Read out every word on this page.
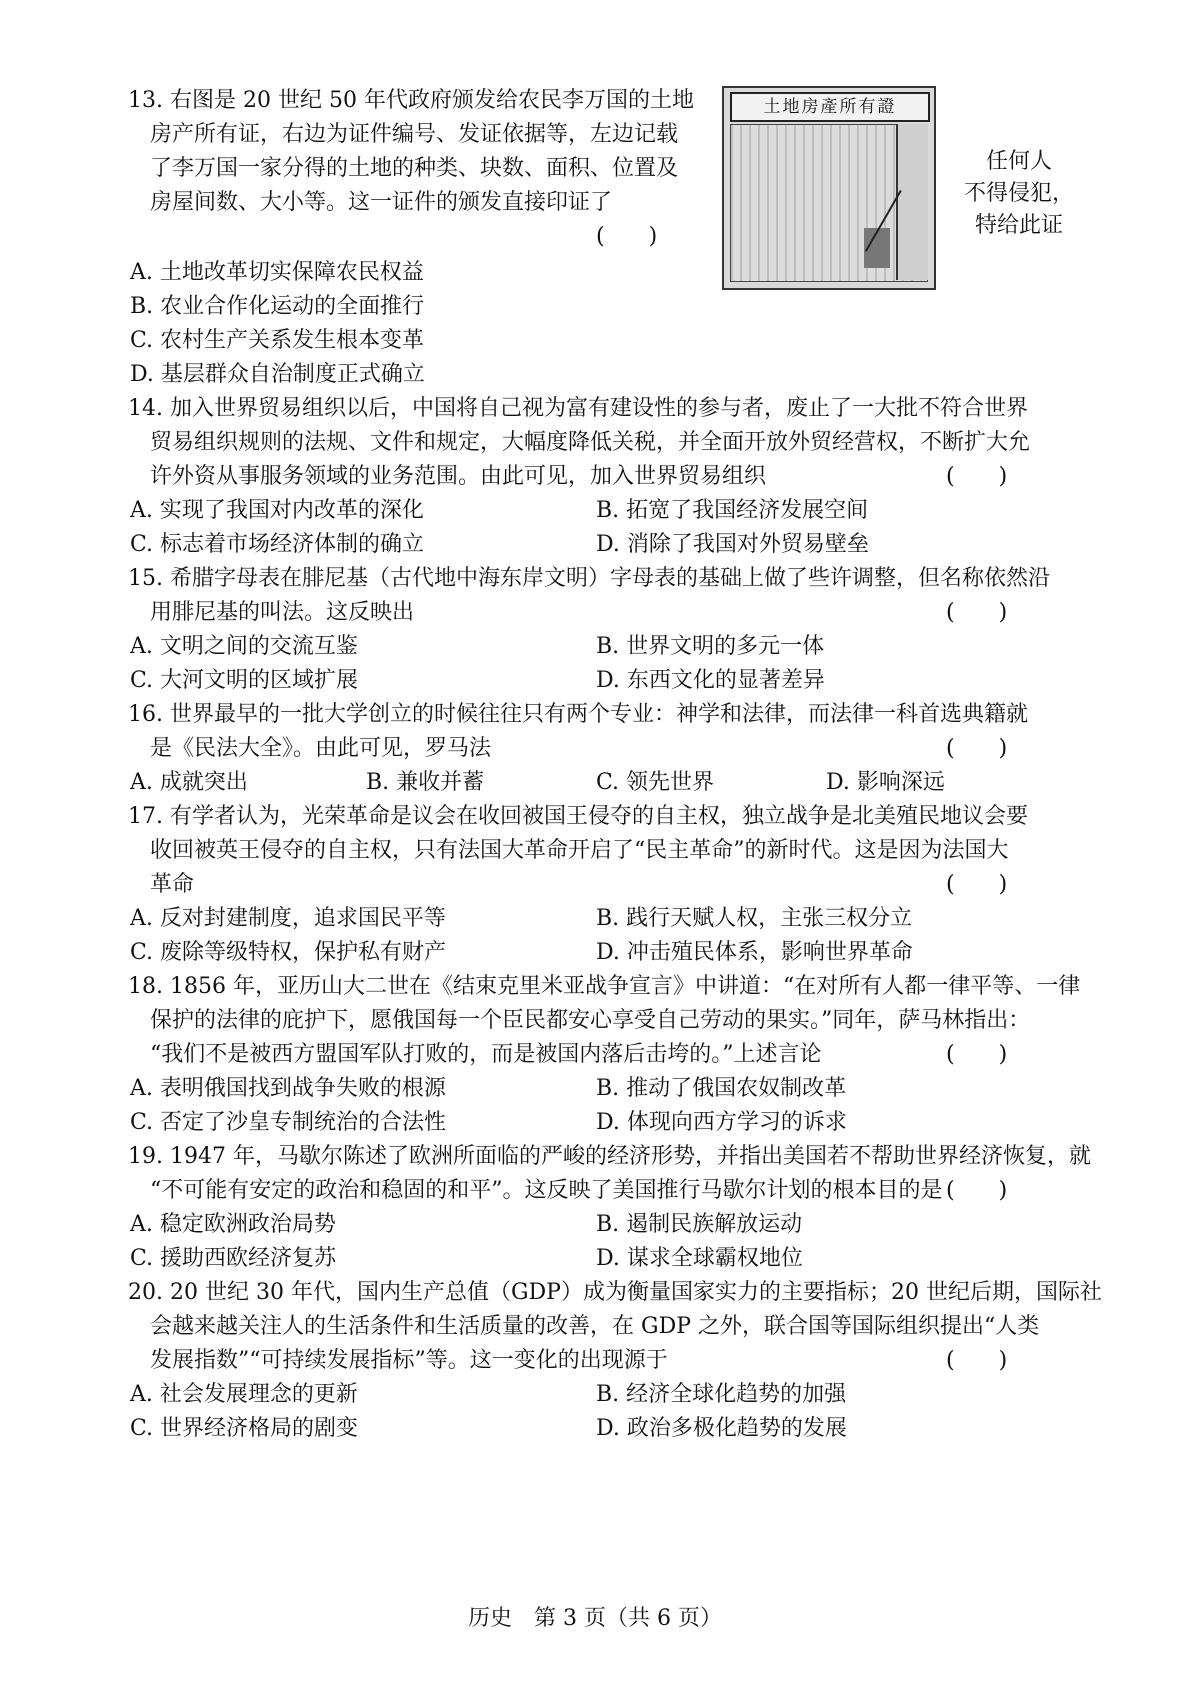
13. 右图是 20 世纪 50 年代政府颁发给农民李万国的土地
房产所有证，右边为证件编号、发证依据等，左边记载
了李万国一家分得的土地的种类、块数、面积、位置及
房屋间数、大小等。这一证件的颁发直接印证了
(　　)
A. 土地改革切实保障农民权益
B. 农业合作化运动的全面推行
C. 农村生产关系发生根本变革
D. 基层群众自治制度正式确立
土地房產所有證
任何人
不得侵犯，
特给此证
14. 加入世界贸易组织以后，中国将自己视为富有建设性的参与者，废止了一大批不符合世界
贸易组织规则的法规、文件和规定，大幅度降低关税，并全面开放外贸经营权，不断扩大允
许外资从事服务领域的业务范围。由此可见，加入世界贸易组织	(　　)
A. 实现了我国对内改革的深化	B. 拓宽了我国经济发展空间
C. 标志着市场经济体制的确立	D. 消除了我国对外贸易壁垒
15. 希腊字母表在腓尼基（古代地中海东岸文明）字母表的基础上做了些许调整，但名称依然沿
用腓尼基的叫法。这反映出	(　　)
A. 文明之间的交流互鉴	B. 世界文明的多元一体
C. 大河文明的区域扩展	D. 东西文化的显著差异
16. 世界最早的一批大学创立的时候往往只有两个专业：神学和法律，而法律一科首选典籍就
是《民法大全》。由此可见，罗马法	(　　)
A. 成就突出	B. 兼收并蓄	C. 领先世界	D. 影响深远
17. 有学者认为，光荣革命是议会在收回被国王侵夺的自主权，独立战争是北美殖民地议会要
收回被英王侵夺的自主权，只有法国大革命开启了“民主革命”的新时代。这是因为法国大
革命	(　　)
A. 反对封建制度，追求国民平等	B. 践行天赋人权，主张三权分立
C. 废除等级特权，保护私有财产	D. 冲击殖民体系，影响世界革命
18. 1856 年，亚历山大二世在《结束克里米亚战争宣言》中讲道：“在对所有人都一律平等、一律
保护的法律的庇护下，愿俄国每一个臣民都安心享受自己劳动的果实。”同年，萨马林指出：
“我们不是被西方盟国军队打败的，而是被国内落后击垮的。”上述言论	(　　)
A. 表明俄国找到战争失败的根源	B. 推动了俄国农奴制改革
C. 否定了沙皇专制统治的合法性	D. 体现向西方学习的诉求
19. 1947 年，马歇尔陈述了欧洲所面临的严峻的经济形势，并指出美国若不帮助世界经济恢复，就
“不可能有安定的政治和稳固的和平”。这反映了美国推行马歇尔计划的根本目的是 (　　)
A. 稳定欧洲政治局势	B. 遏制民族解放运动
C. 援助西欧经济复苏	D. 谋求全球霸权地位
20. 20 世纪 30 年代，国内生产总值（GDP）成为衡量国家实力的主要指标；20 世纪后期，国际社
会越来越关注人的生活条件和生活质量的改善，在 GDP 之外，联合国等国际组织提出“人类
发展指数”“可持续发展指标”等。这一变化的出现源于	(　　)
A. 社会发展理念的更新	B. 经济全球化趋势的加强
C. 世界经济格局的剧变	D. 政治多极化趋势的发展
历史　第 3 页（共 6 页）
